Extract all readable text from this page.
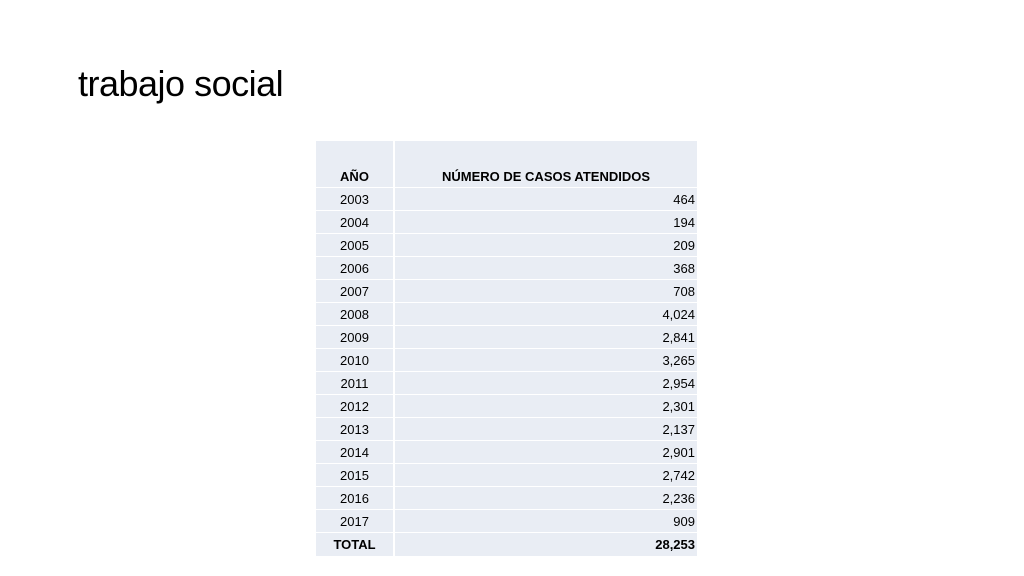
trabajo social
AÑO	NÚMERO DE CASOS ATENDIDOS
2003	464
2004	194
2005	209
2006	368
2007	708
2008	4,024
2009	2,841
2010	3,265
2011	2,954
2012	2,301
2013	2,137
2014	2,901
2015	2,742
2016	2,236
2017	909
TOTAL	28,253
